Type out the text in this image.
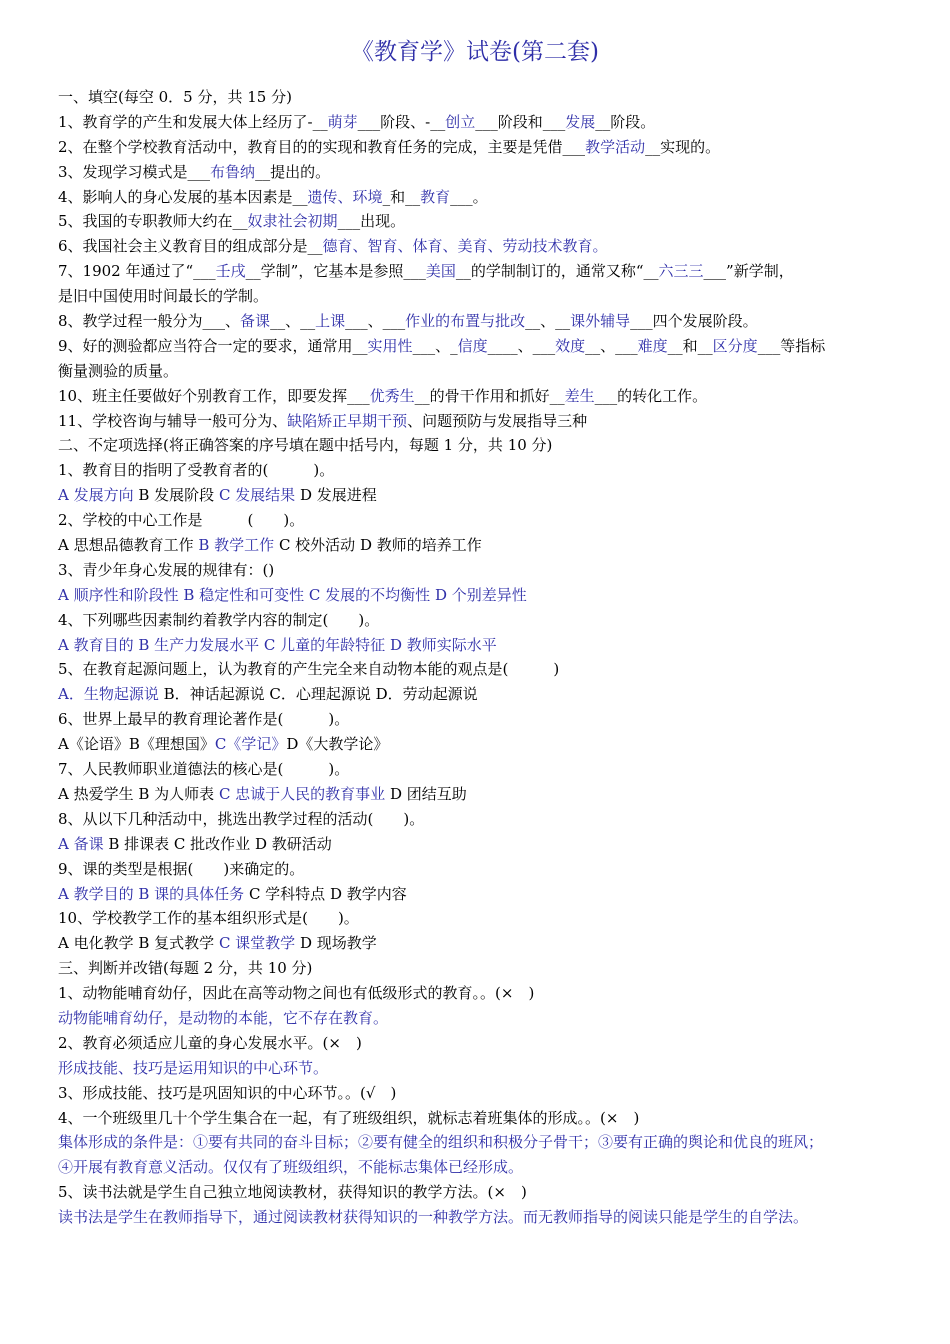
《教育学》试卷(第二套)
一、填空(每空 0．5 分，共 15 分)
1、教育学的产生和发展大体上经历了-__萌芽___阶段、-__创立___阶段和___发展__阶段。
2、在整个学校教育活动中，教育目的的实现和教育任务的完成，主要是凭借___教学活动__实现的。
3、发现学习模式是___布鲁纳__提出的。
4、影响人的身心发展的基本因素是__遗传、环境_和__教育___。
5、我国的专职教师大约在__奴隶社会初期___出现。
6、我国社会主义教育目的组成部分是__德育、智育、体育、美育、劳动技术教育。
7、1902 年通过了“___壬戌__学制”，它基本是参照___美国__的学制制订的，通常又称“__六三三___”新学制，
是旧中国使用时间最长的学制。
8、教学过程一般分为___、备课__、__上课___、___作业的布置与批改__、__课外辅导___四个发展阶段。
9、好的测验都应当符合一定的要求，通常用__实用性___、_信度____、___效度__、___难度__和__区分度___等指标
衡量测验的质量。
10、班主任要做好个别教育工作，即要发挥___优秀生__的骨干作用和抓好__差生___的转化工作。
11、学校咨询与辅导一般可分为、缺陷矫正早期干预、问题预防与发展指导三种
二、不定项选择(将正确答案的序号填在题中括号内，每题 1 分，共 10 分)
1、教育目的指明了受教育者的(　　　)。
A 发展方向 B 发展阶段 C 发展结果 D 发展进程
2、学校的中心工作是　　　(　　)。
A 思想品德教育工作 B 教学工作 C 校外活动 D 教师的培养工作
3、青少年身心发展的规律有：()
A 顺序性和阶段性 B 稳定性和可变性 C 发展的不均衡性 D 个别差异性
4、下列哪些因素制约着教学内容的制定(　　)。
A 教育目的 B 生产力发展水平 C 儿童的年龄特征 D 教师实际水平
5、在教育起源问题上，认为教育的产生完全来自动物本能的观点是(　　　)
A．生物起源说 B．神话起源说 C．心理起源说 D．劳动起源说
6、世界上最早的教育理论著作是(　　　)。
A《论语》B《理想国》C《学记》D《大教学论》
7、人民教师职业道德法的核心是(　　　)。
A 热爱学生 B 为人师表 C 忠诚于人民的教育事业 D 团结互助
8、从以下几种活动中，挑选出教学过程的活动(　　)。
A 备课 B 排课表 C 批改作业 D 教研活动
9、课的类型是根据(　　)来确定的。
A 教学目的 B 课的具体任务 C 学科特点 D 教学内容
10、学校教学工作的基本组织形式是(　　)。
A 电化教学 B 复式教学 C 课堂教学 D 现场教学
三、判断并改错(每题 2 分，共 10 分)
1、动物能哺育幼仔，因此在高等动物之间也有低级形式的教育。。(×　)
动物能哺育幼仔，是动物的本能，它不存在教育。
2、教育必须适应儿童的身心发展水平。(×　)
形成技能、技巧是运用知识的中心环节。
3、形成技能、技巧是巩固知识的中心环节。。(√　)
4、一个班级里几十个学生集合在一起，有了班级组织，就标志着班集体的形成。。(×　)
集体形成的条件是：①要有共同的奋斗目标；②要有健全的组织和积极分子骨干；③要有正确的舆论和优良的班风；
④开展有教育意义活动。仅仅有了班级组织，不能标志集体已经形成。
5、读书法就是学生自己独立地阅读教材，获得知识的教学方法。(×　)
读书法是学生在教师指导下，通过阅读教材获得知识的一种教学方法。而无教师指导的阅读只能是学生的自学法。
